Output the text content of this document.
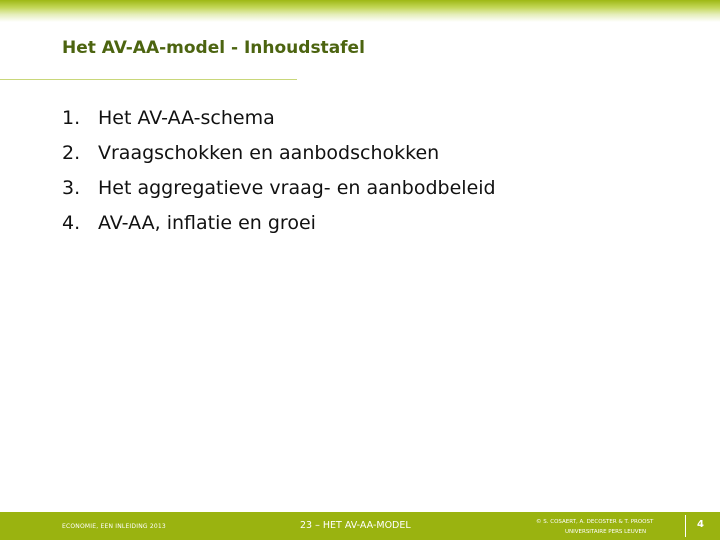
Het AV-AA-model - Inhoudstafel
1. Het AV-AA-schema
2. Vraagschokken en aanbodschokken
3. Het aggregatieve vraag- en aanbodbeleid
4. AV-AA, inflatie en groei
ECONOMIE, EEN INLEIDING 2013	23 – HET AV-AA-MODEL	© S. COSAERT, A. DECOSTER & T. PROOST
UNIVERSITAIRE PERS LEUVEN
4
